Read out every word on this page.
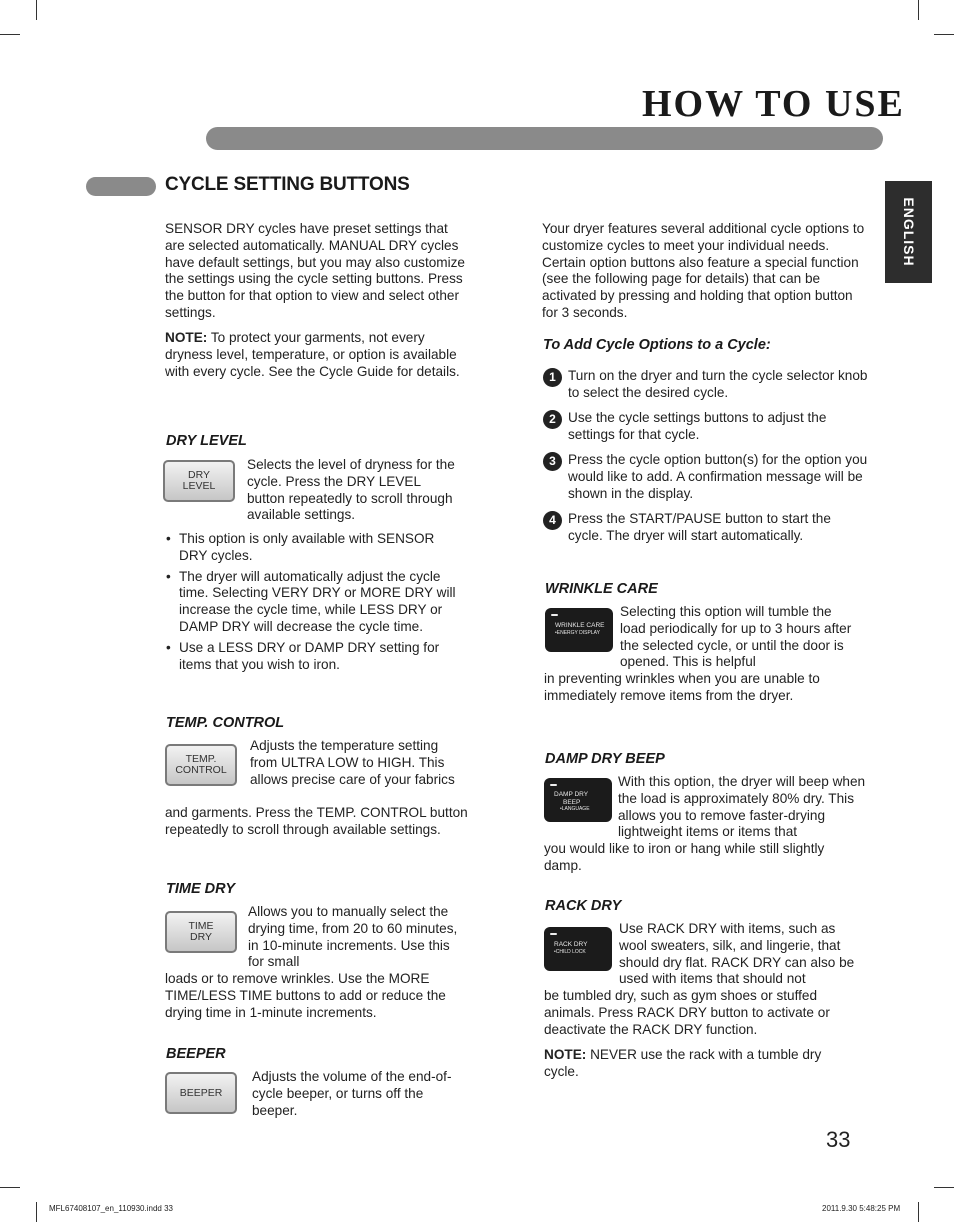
HOW TO USE
ENGLISH
CYCLE SETTING BUTTONS
SENSOR DRY cycles have preset settings that are selected automatically. MANUAL DRY cycles have default settings, but you may also customize the settings using the cycle setting buttons. Press the button for that option to view and select other settings.
NOTE: To protect your garments, not every dryness level, temperature, or option is available with every cycle. See the Cycle Guide for details.
DRY LEVEL
DRY
LEVEL
Selects the level of dryness for the cycle. Press the DRY LEVEL button repeatedly to scroll through available settings.
• This option is only available with SENSOR DRY cycles.
• The dryer will automatically adjust the cycle time. Selecting VERY DRY or MORE DRY will increase the cycle time, while LESS DRY or DAMP DRY will decrease the cycle time.
• Use a LESS DRY or DAMP DRY setting for items that you wish to iron.
TEMP. CONTROL
TEMP.
CONTROL
Adjusts the temperature setting from ULTRA LOW to HIGH. This allows precise care of your fabrics
and garments. Press the TEMP. CONTROL button repeatedly to scroll through available settings.
TIME DRY
TIME
DRY
Allows you to manually select the drying time, from 20 to 60 minutes, in 10-minute increments. Use this for small
loads or to remove wrinkles. Use the MORE TIME/LESS TIME buttons to add or reduce the drying time in 1-minute increments.
BEEPER
BEEPER
Adjusts the volume of the end-of-cycle beeper, or turns off the beeper.
Your dryer features several additional cycle options to customize cycles to meet your individual needs. Certain option buttons also feature a special function (see the following page for details) that can be activated by pressing and holding that option button for 3 seconds.
To Add Cycle Options to a Cycle:
1 Turn on the dryer and turn the cycle selector knob to select the desired cycle.
2 Use the cycle settings buttons to adjust the settings for that cycle.
3 Press the cycle option button(s) for the option you would like to add. A confirmation message will be shown in the display.
4 Press the START/PAUSE button to start the cycle. The dryer will start automatically.
WRINKLE CARE
WRINKLE CARE
•ENERGY DISPLAY
Selecting this option will tumble the load periodically for up to 3 hours after the selected cycle, or until the door is opened. This is helpful
in preventing wrinkles when you are unable to immediately remove items from the dryer.
DAMP DRY BEEP
DAMP DRY
BEEP
•LANGUAGE
With this option, the dryer will beep when the load is approximately 80% dry. This allows you to remove faster-drying lightweight items or items that
you would like to iron or hang while still slightly damp.
RACK DRY
RACK DRY
•CHILD LOCK
Use RACK DRY with items, such as wool sweaters, silk, and lingerie, that should dry flat. RACK DRY can also be used with items that should not
be tumbled dry, such as gym shoes or stuffed animals. Press RACK DRY button to activate or deactivate the RACK DRY function.
NOTE: NEVER use the rack with a tumble dry cycle.
33
MFL67408107_en_110930.indd 33	2011.9.30 5:48:25 PM
